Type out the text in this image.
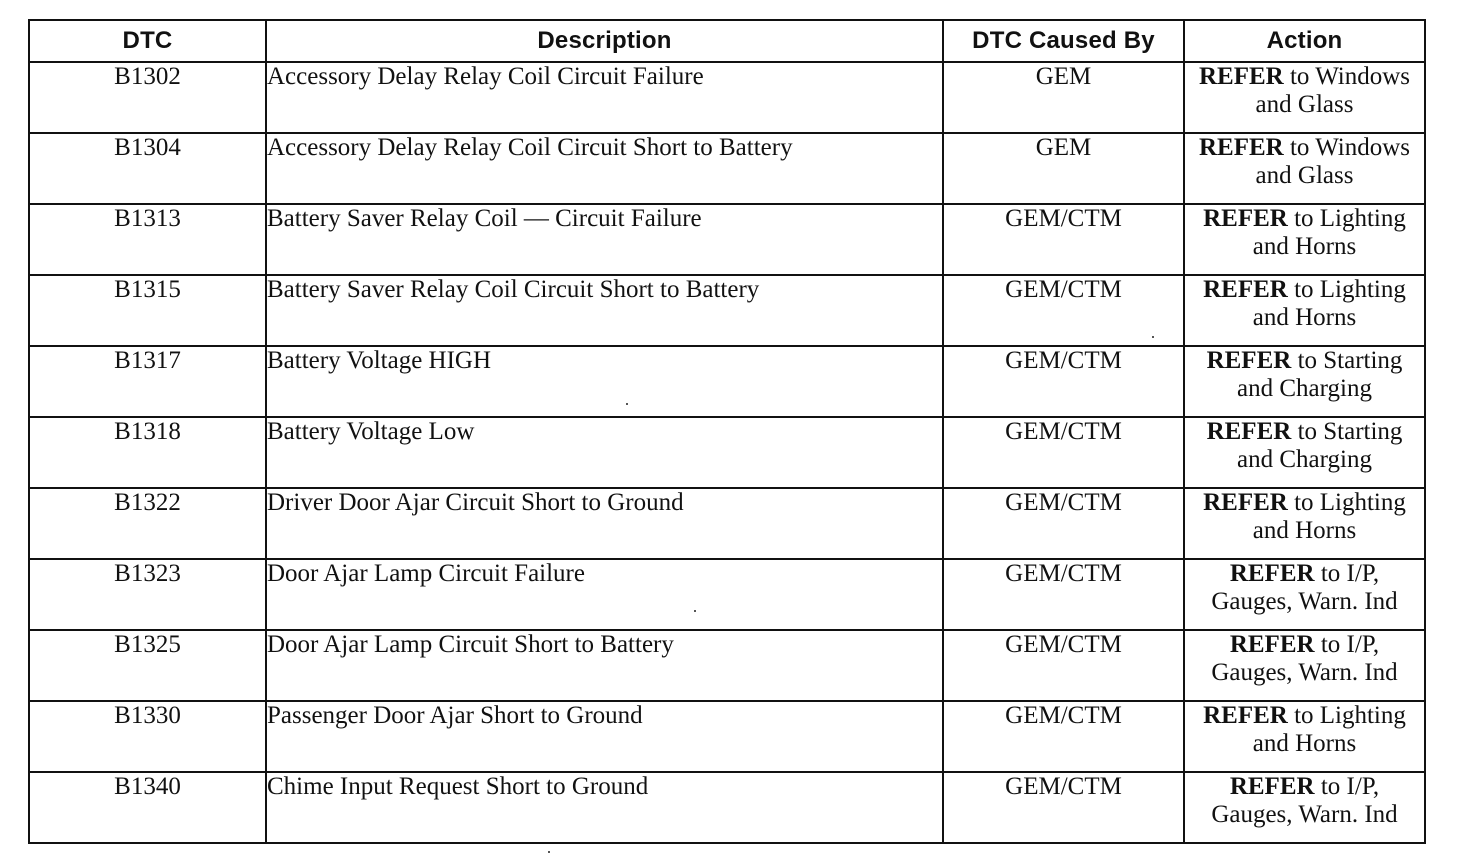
DTC	Description	DTC Caused By	Action
B1302	Accessory Delay Relay Coil Circuit Failure	GEM	REFER to Windows
and Glass

B1304	Accessory Delay Relay Coil Circuit Short to Battery	GEM	REFER to Windows
and Glass

B1313	Battery Saver Relay Coil — Circuit Failure	GEM/CTM	REFER to Lighting
and Horns

B1315	Battery Saver Relay Coil Circuit Short to Battery	GEM/CTM	REFER to Lighting
and Horns

B1317	Battery Voltage HIGH	GEM/CTM	REFER to Starting
and Charging

B1318	Battery Voltage Low	GEM/CTM	REFER to Starting
and Charging

B1322	Driver Door Ajar Circuit Short to Ground	GEM/CTM	REFER to Lighting
and Horns

B1323	Door Ajar Lamp Circuit Failure	GEM/CTM	REFER to I/P,
Gauges, Warn. Ind

B1325	Door Ajar Lamp Circuit Short to Battery	GEM/CTM	REFER to I/P,
Gauges, Warn. Ind

B1330	Passenger Door Ajar Short to Ground	GEM/CTM	REFER to Lighting
and Horns

B1340	Chime Input Request Short to Ground	GEM/CTM	REFER to I/P,
Gauges, Warn. Ind
